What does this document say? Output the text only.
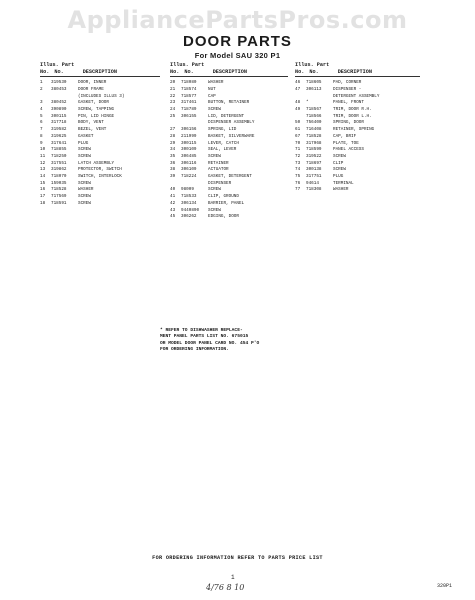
AppliancePartsPros.com
DOOR PARTS
For Model SAU 320 P1
Illus. Part
No. No.	DESCRIPTION
1	319530	DOOR, INNER
2	380453	DOOR FRAME
(INCLUDES ILLUS 3)
3	380452	GASKET, DOOR
4	390890	SCREW, TAPPING
5	300115	PIN, LID HINGE
6	317718	BODY, VENT
7	319582	BEZEL, VENT
8	319625	GASKET
9	317641	PLUG
10	718855	SCREW
11	718250	SCREW
12	317551	LATCH ASSEMBLY
13	319862	PROTECTOR, SWITCH
14	718070	SWITCH, INTERLOCK
15	159035	SCREW
16	718528	WASHER
17	717569	SCREW
18	718591	SCREW
Illus. Part
No. No.	DESCRIPTION
20	718080	WASHER
21	718574	NUT
22	718577	CAP
23	317461	BUTTON, RETAINER
24	718789	SCREW
25	306155	LID, DETERGENT
DISPENSER ASSEMBLY
27	306156	SPRING, LID
28	211999	BASKET, SILVERWARE
29	300115	LEVER, CATCH
34	300109	SEAL, LEVER
35	306485	SCREW
36	306116	RETAINER
38	306109	ACTUATOR
39	718224	GASKET, DETERGENT
DISPENSER
40	98009	SCREW
41	718533	CLIP, GROUND
42	306134	BARRIER, PANEL
43	9440890	SCREW
45	306262	EDGING, DOOR
Illus. Part
No. No.	DESCRIPTION
46	718605	PAD, CORNER
47	306113	DISPENSER -
DETERGENT ASSEMBLY
48	*	PANEL, FRONT
49	718567	TRIM, DOOR R.H.
718566	TRIM, DOOR L.H.
50	756400	SPRING, DOOR
61	716408	RETAINER, SPRING
67	718528	CAP, BRIF
70	317968	PLATE, TOE
71	718599	PANEL ACCESS
72	319522	SCREW
73	718697	CLIP
74	300138	SCREW
75	317751	PLUG
76	94614	TERMINAL
77	718308	WASHER
* REFER TO DISHWASHER REPLACE-
MENT PANEL PARTS LIST NO. 675015
OR MODEL DOOR PANEL CARD NO. 454 P'O
FOR ORDERING INFORMATION.
FOR ORDERING INFORMATION REFER TO PARTS PRICE LIST
1
4/76 8 10	320P1
